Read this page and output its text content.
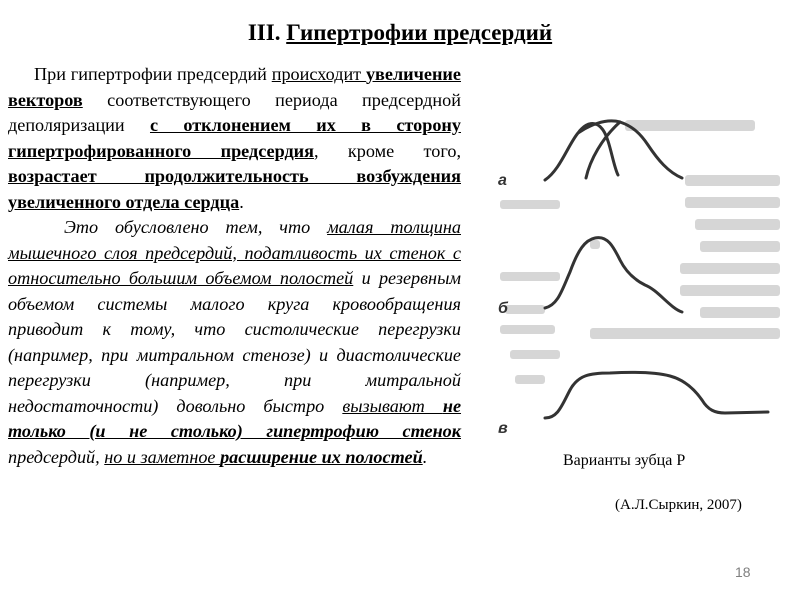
III. Гипертрофии предсердий

При гипертрофии предсердий происходит увеличение векторов соответствующего периода предсердной деполяризации с отклонением их в сторону гипертрофированного предсердия, кроме того, возрастает продолжительность возбуждения увеличенного отдела сердца.

Это обусловлено тем, что малая толщина мышечного слоя предсердий, податливость их стенок с относительно большим объемом полостей и резервным объемом системы малого круга кровообращения приводит к тому, что систолические перегрузки (например, при митральном стенозе) и диастолические перегрузки (например, при митральной недостаточности) довольно быстро вызывают не только (и не столько) гипертрофию стенок предсердий, но и заметное расширение их полостей.

а
б
в
Варианты зубца Р
(А.Л.Сыркин, 2007)
18
